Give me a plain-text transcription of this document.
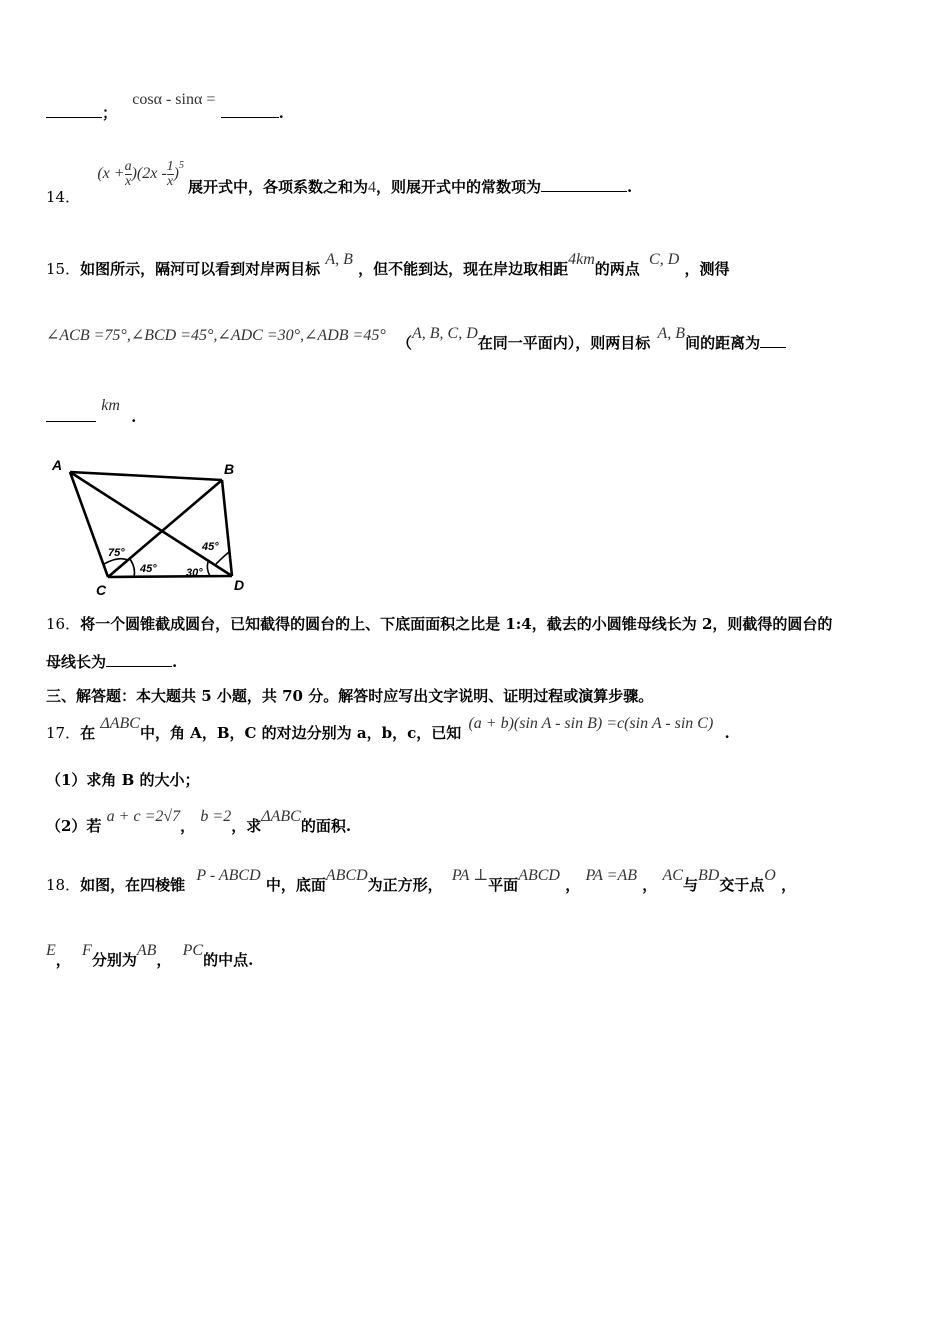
； cosα - sinα = .
14． $(x + \frac{a}{x} )(2x - \frac{1}{x} )^5$ 展开式中，各项系数之和为4，则展开式中的常数项为	.
15．如图所示，隔河可以看到对岸两目标 A, B ，但不能到达，现在岸边取相距4km的两点 C, D ，测得
∠ACB =75°,∠BCD =45°,∠ADC =30°,∠ADB =45° （A, B, C, D在同一平面内），则两目标 A, B间的距离为
km .
A	B
C	D
75°
45°	30°
45°
16．将一个圆锥截成圆台，已知截得的圆台的上、下底面面积之比是 1:4，截去的小圆锥母线长为 2，则截得的圆台的
母线长为	.
三、解答题：本大题共 5 小题，共 70 分。解答时应写出文字说明、证明过程或演算步骤。
17．在 ΔABC中，角 A，B，C 的对边分别为 a，b，c，已知 (a + b)(sin A - sin B) =c(sin A - sin C) .
（1）求角 B 的大小；
（2）若 a + c =2√7， b =2，求ΔABC的面积.
18．如图，在四棱锥 P - ABCD 中，底面ABCD为正方形， PA ⊥平面ABCD ， PA =AB ， AC与BD交于点O ，
E， F分别为AB， PC的中点.
